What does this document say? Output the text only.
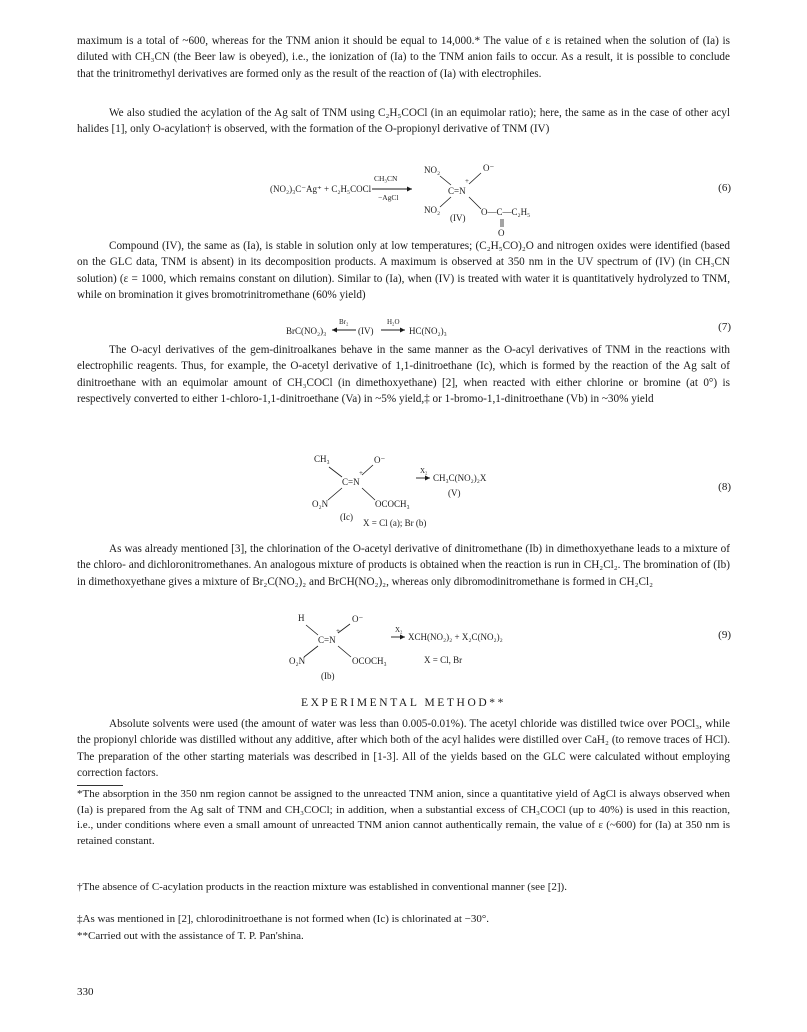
maximum is a total of ~600, whereas for the TNM anion it should be equal to 14,000.* The value of ε is retained when the solution of (Ia) is diluted with CH₃CN (the Beer law is obeyed), i.e., the ionization of (Ia) to the TNM anion fails to occur. As a result, it is possible to conclude that the trinitromethyl derivatives are formed only as the result of the reaction of (Ia) with electrophiles.

We also studied the acylation of the Ag salt of TNM using C₂H₅COCl (in an equimolar ratio); here, the same as in the case of other acyl halides [1], only O-acylation† is observed, with the formation of the O-propionyl derivative of TNM (IV)

(NO₂)₃C⁻Ag⁺ + C₂H₅COCl
CH₃CN
−AgCl
NO₂	O⁻
C=N
+
NO₂	O—C—C₂H₅
O
(IV)
(6)

Compound (IV), the same as (Ia), is stable in solution only at low temperatures; (C₂H₅CO)₂O and nitrogen oxides were identified (based on the GLC data, TNM is absent) in its decomposition products. A maximum is observed at 350 nm in the UV spectrum of (IV) (in CH₃CN solution) (ε = 1000, which remains constant on dilution). Similar to (Ia), when (IV) is treated with water it is quantitatively hydrolyzed to TNM, while on bromination it gives bromotrinitromethane (60% yield)

BrC(NO₂)₃
Br₂
(IV)
H₂O
HC(NO₂)₃	(7)

The O-acyl derivatives of the gem-dinitroalkanes behave in the same manner as the O-acyl derivatives of TNM in the reactions with electrophilic reagents. Thus, for example, the O-acetyl derivative of 1,1-dinitroethane (Ic), which is formed by the reaction of the Ag salt of dinitroethane with an equimolar amount of CH₃COCl (in dimethoxyethane) [2], when reacted with either chlorine or bromine (at 0°) is respectively converted to either 1-chloro-1,1-dinitroethane (Va) in ~5% yield,‡ or 1-bromo-1,1-dinitroethane (Vb) in ~30% yield

CH₃	O⁻
C=N
+
O₂N	OCOCH₃
(Ic)
X₂
CH₃C(NO₂)₂X
(V)
X = Cl (a); Br (b)
(8)

As was already mentioned [3], the chlorination of the O-acetyl derivative of dinitromethane (Ib) in dimethoxyethane leads to a mixture of the chloro- and dichloronitromethanes. An analogous mixture of products is obtained when the reaction is run in CH₂Cl₂. The bromination of (Ib) in dimethoxyethane gives a mixture of Br₂C(NO₂)₂ and BrCH(NO₂)₂, whereas only dibromodinitromethane is formed in CH₂Cl₂

H	O⁻
C=N
+
O₂N	OCOCH₃
(Ib)
X₂
XCH(NO₂)₂ + X₂C(NO₂)₂
X = Cl, Br
(9)
EXPERIMENTAL METHOD**

Absolute solvents were used (the amount of water was less than 0.005-0.01%). The acetyl chloride was distilled twice over POCl₃, while the propionyl chloride was distilled without any additive, after which both of the acyl halides were distilled over CaH₂ (to remove traces of HCl). The preparation of the other starting materials was described in [1-3]. All of the yields based on the GLC were calculated without employing correction factors.

*The absorption in the 350 nm region cannot be assigned to the unreacted TNM anion, since a quantitative yield of AgCl is always observed when (Ia) is prepared from the Ag salt of TNM and CH₃COCl; in addition, when a substantial excess of CH₃COCl (up to 40%) is used in this reaction, i.e., under conditions where even a small amount of unreacted TNM anion cannot authentically remain, the value of ε (~600) for (Ia) at 350 nm is retained constant.

†The absence of C-acylation products in the reaction mixture was established in conventional manner (see [2]).

‡As was mentioned in [2], chlorodinitroethane is not formed when (Ic) is chlorinated at −30°.

**Carried out with the assistance of T. P. Pan'shina.

330
